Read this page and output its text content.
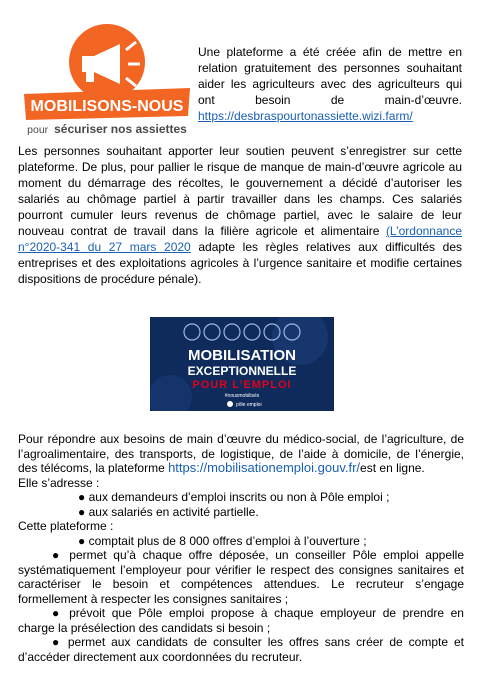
MOBILISONS-NOUS
pour sécuriser nos assiettes
Une plateforme a été créée afin de mettre en relation gratuitement des personnes souhaitant aider les agriculteurs avec des agriculteurs qui ont besoin de main-d’œuvre. https://desbraspourtonassiette.wizi.farm/
Les personnes souhaitant apporter leur soutien peuvent s’enregistrer sur cette plateforme. De plus, pour pallier le risque de manque de main-d’œuvre agricole au moment du démarrage des récoltes, le gouvernement a décidé d’autoriser les salariés au chômage partiel à partir travailler dans les champs. Ces salariés pourront cumuler leurs revenus de chômage partiel, avec le salaire de leur nouveau contrat de travail dans la filière agricole et alimentaire (L’ordonnance n°2020-341 du 27 mars 2020 adapte les règles relatives aux difficultés des entreprises et des exploitations agricoles à l’urgence sanitaire et modifie certaines dispositions de procédure pénale).
MOBILISATION
EXCEPTIONNELLE
POUR L’EMPLOI
#nousmobilisés
pôle emploi
Pour répondre aux besoins de main d’œuvre du médico-social, de l’agriculture, de l’agroalimentaire, des transports, de logistique, de l’aide à domicile, de l’énergie, des télécoms, la plateforme https://mobilisationemploi.gouv.fr/est en ligne.
Elle s’adresse :
● aux demandeurs d’emploi inscrits ou non à Pôle emploi ;
● aux salariés en activité partielle.
Cette plateforme :
● comptait plus de 8 000 offres d’emploi à l’ouverture ;
● permet qu’à chaque offre déposée, un conseiller Pôle emploi appelle systématiquement l’employeur pour vérifier le respect des consignes sanitaires et caractériser le besoin et compétences attendues. Le recruteur s’engage formellement à respecter les consignes sanitaires ;
● prévoit que Pôle emploi propose à chaque employeur de prendre en charge la présélection des candidats si besoin ;
● permet aux candidats de consulter les offres sans créer de compte et d’accéder directement aux coordonnées du recruteur.
